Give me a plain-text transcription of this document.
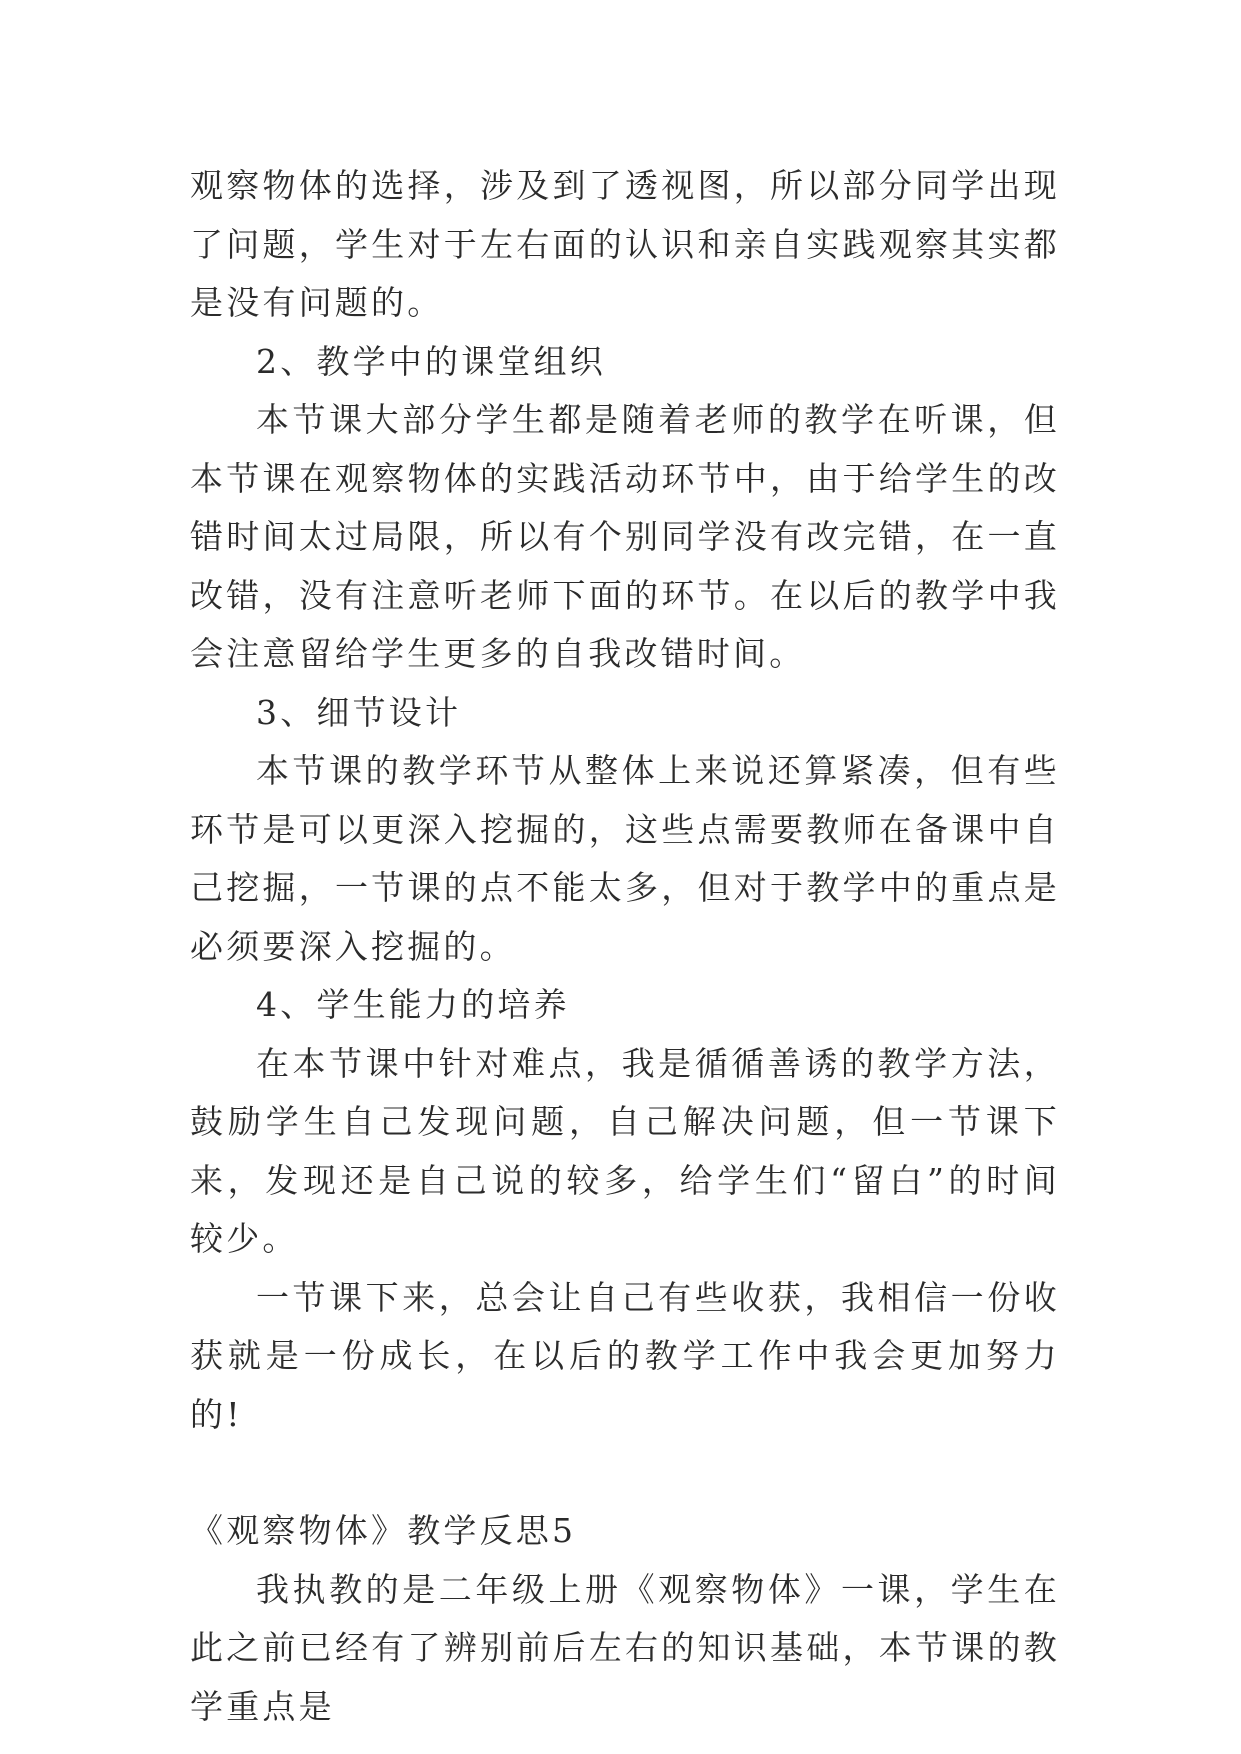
观察物体的选择，涉及到了透视图，所以部分同学出现了问题，学生对于左右面的认识和亲自实践观察其实都是没有问题的。

2、教学中的课堂组织

本节课大部分学生都是随着老师的教学在听课，但本节课在观察物体的实践活动环节中，由于给学生的改错时间太过局限，所以有个别同学没有改完错，在一直改错，没有注意听老师下面的环节。在以后的教学中我会注意留给学生更多的自我改错时间。

3、细节设计

本节课的教学环节从整体上来说还算紧凑，但有些环节是可以更深入挖掘的，这些点需要教师在备课中自己挖掘，一节课的点不能太多，但对于教学中的重点是必须要深入挖掘的。

4、学生能力的培养

在本节课中针对难点，我是循循善诱的教学方法，鼓励学生自己发现问题，自己解决问题，但一节课下来，发现还是自己说的较多，给学生们“留白”的时间较少。

一节课下来，总会让自己有些收获，我相信一份收获就是一份成长，在以后的教学工作中我会更加努力的!

《观察物体》教学反思5

我执教的是二年级上册《观察物体》一课，学生在此之前已经有了辨别前后左右的知识基础，本节课的教学重点是
